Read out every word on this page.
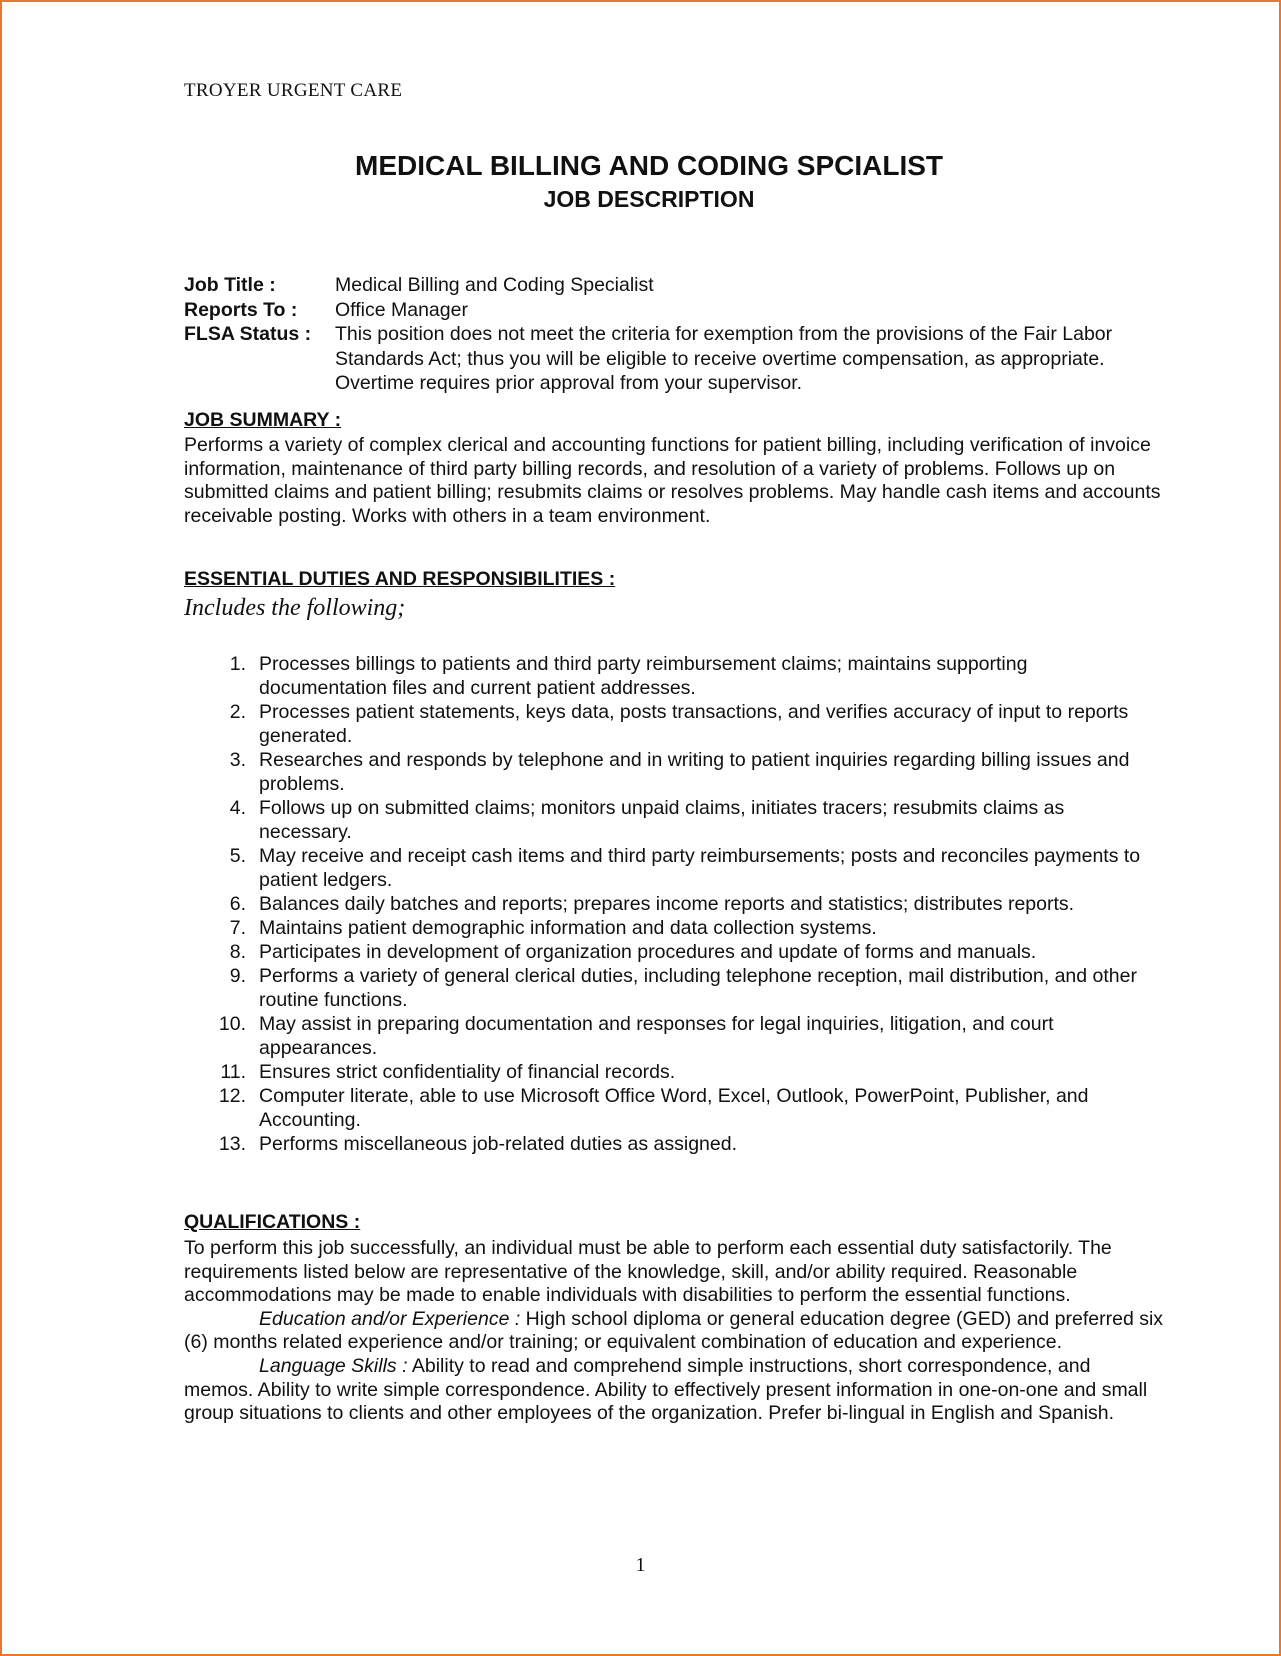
TROYER URGENT CARE
MEDICAL BILLING AND CODING SPCIALIST
JOB DESCRIPTION
Job Title :	Medical Billing and Coding Specialist
Reports To :	Office Manager
FLSA Status :	This position does not meet the criteria for exemption from the provisions of the Fair Labor Standards Act; thus you will be eligible to receive overtime compensation, as appropriate. Overtime requires prior approval from your supervisor.
JOB SUMMARY :
Performs a variety of complex clerical and accounting functions for patient billing, including verification of invoice information, maintenance of third party billing records, and resolution of a variety of problems. Follows up on submitted claims and patient billing; resubmits claims or resolves problems. May handle cash items and accounts receivable posting. Works with others in a team environment.
ESSENTIAL DUTIES AND RESPONSIBILITIES :
Includes the following;
1. Processes billings to patients and third party reimbursement claims; maintains supporting documentation files and current patient addresses.
2. Processes patient statements, keys data, posts transactions, and verifies accuracy of input to reports generated.
3. Researches and responds by telephone and in writing to patient inquiries regarding billing issues and problems.
4. Follows up on submitted claims; monitors unpaid claims, initiates tracers; resubmits claims as necessary.
5. May receive and receipt cash items and third party reimbursements; posts and reconciles payments to patient ledgers.
6. Balances daily batches and reports; prepares income reports and statistics; distributes reports.
7. Maintains patient demographic information and data collection systems.
8. Participates in development of organization procedures and update of forms and manuals.
9. Performs a variety of general clerical duties, including telephone reception, mail distribution, and other routine functions.
10. May assist in preparing documentation and responses for legal inquiries, litigation, and court appearances.
11. Ensures strict confidentiality of financial records.
12. Computer literate, able to use Microsoft Office Word, Excel, Outlook, PowerPoint, Publisher, and Accounting.
13. Performs miscellaneous job-related duties as assigned.
QUALIFICATIONS :
To perform this job successfully, an individual must be able to perform each essential duty satisfactorily. The requirements listed below are representative of the knowledge, skill, and/or ability required. Reasonable accommodations may be made to enable individuals with disabilities to perform the essential functions.
Education and/or Experience : High school diploma or general education degree (GED) and preferred six (6) months related experience and/or training; or equivalent combination of education and experience.
Language Skills : Ability to read and comprehend simple instructions, short correspondence, and memos. Ability to write simple correspondence. Ability to effectively present information in one-on-one and small group situations to clients and other employees of the organization. Prefer bi-lingual in English and Spanish.
1
